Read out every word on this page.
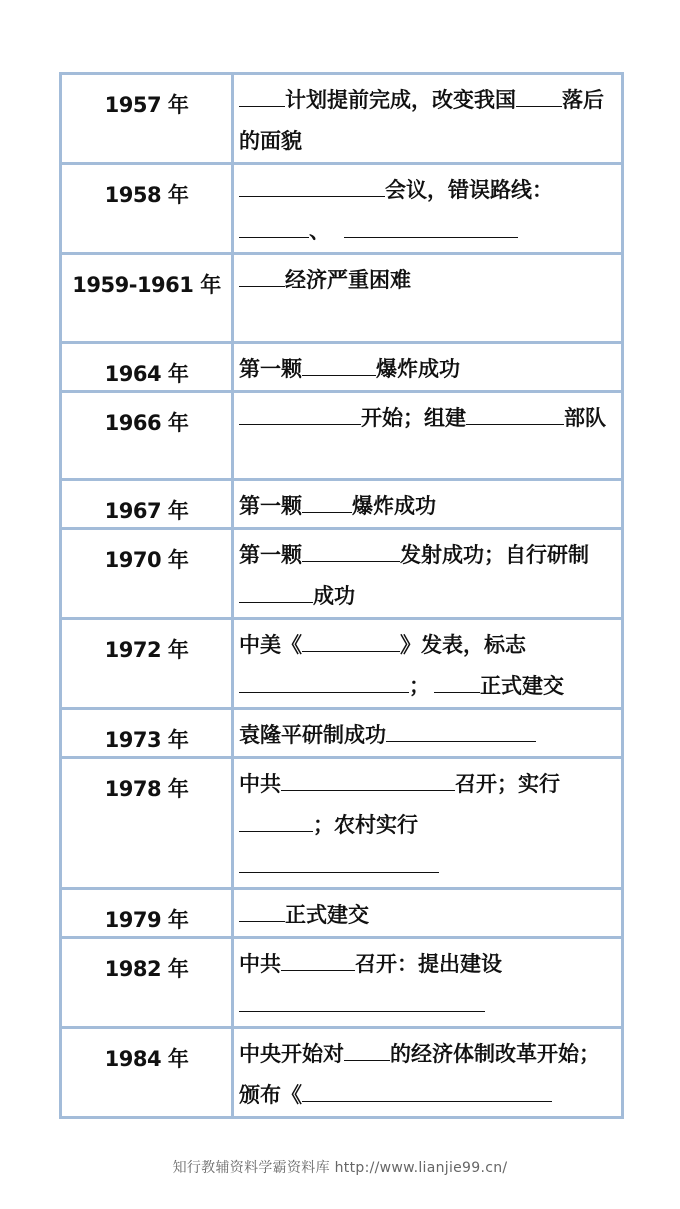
1957 年	计划提前完成，改变我国 落后的面貌
1958 年	会议，错误路线：、
1959-1961 年	经济严重困难
1964 年	第一颗 爆炸成功
1966 年	开始；组建 部队
1967 年	第一颗 爆炸成功
1970 年	第一颗 发射成功；自行研制成功
1972 年	中美《 》发表，标志； 正式建交
1973 年	袁隆平研制成功
1978 年	中共 召开；实行；农村实行
1979 年	正式建交
1982 年	中共 召开：提出建设
1984 年	中央开始对 的经济体制改革开始；颁布《
知行教辅资料学霸资料库 http://www.lianjie99.cn/
